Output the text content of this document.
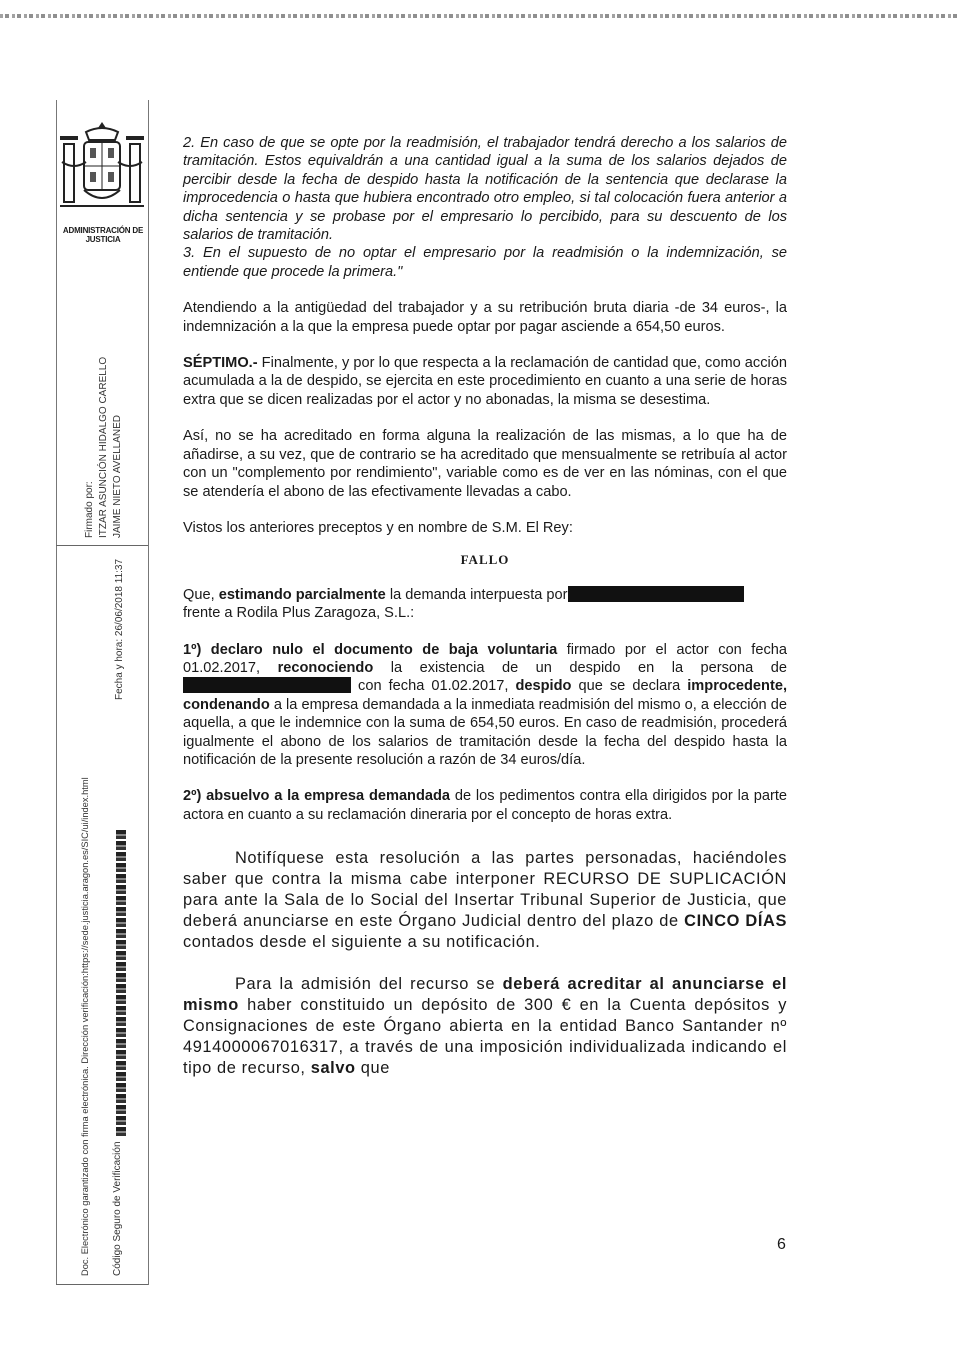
ADMINISTRACIÓN DE JUSTICIA
Firmado por: ITZAR ASUNCIÓN HIDALGO CARELLO JAIME NIETO AVELLANED
Fecha y hora: 26/06/2018 11:37
Doc. Electrónico garantizado con firma electrónica. Dirección verificación:https://sede.justicia.aragon.es/SIC/ui/index.html Código Seguro de Verificación

2. En caso de que se opte por la readmisión, el trabajador tendrá derecho a los salarios de tramitación. Estos equivaldrán a una cantidad igual a la suma de los salarios dejados de percibir desde la fecha de despido hasta la notificación de la sentencia que declarase la improcedencia o hasta que hubiera encontrado otro empleo, si tal colocación fuera anterior a dicha sentencia y se probase por el empresario lo percibido, para su descuento de los salarios de tramitación.

3. En el supuesto de no optar el empresario por la readmisión o la indemnización, se entiende que procede la primera."

Atendiendo a la antigüedad del trabajador y a su retribución bruta diaria -de 34 euros-, la indemnización a la que la empresa puede optar por pagar asciende a 654,50 euros.

SÉPTIMO.- Finalmente, y por lo que respecta a la reclamación de cantidad que, como acción acumulada a la de despido, se ejercita en este procedimiento en cuanto a una serie de horas extra que se dicen realizadas por el actor y no abonadas, la misma se desestima.

Así, no se ha acreditado en forma alguna la realización de las mismas, a lo que ha de añadirse, a su vez, que de contrario se ha acreditado que mensualmente se retribuía al actor con un "complemento por rendimiento", variable como es de ver en las nóminas, con el que se atendería el abono de las efectivamente llevadas a cabo.

Vistos los anteriores preceptos y en nombre de S.M. El Rey:

FALLO

Que, estimando parcialmente la demanda interpuesta por
frente a Rodila Plus Zaragoza, S.L.:

1º) declaro nulo el documento de baja voluntaria firmado por el actor con fecha 01.02.2017, reconociendo la existencia de un despido en la persona de  con fecha 01.02.2017, despido que se declara improcedente, condenando a la empresa demandada a la inmediata readmisión del mismo o, a elección de aquella, a que le indemnice con la suma de 654,50 euros. En caso de readmisión, procederá igualmente el abono de los salarios de tramitación desde la fecha del despido hasta la notificación de la presente resolución a razón de 34 euros/día.

2º) absuelvo a la empresa demandada de los pedimentos contra ella dirigidos por la parte actora en cuanto a su reclamación dineraria por el concepto de horas extra.

Notifíquese esta resolución a las partes personadas, haciéndoles saber que contra la misma cabe interponer RECURSO DE SUPLICACIÓN para ante la Sala de lo Social del Insertar Tribunal Superior de Justicia, que deberá anunciarse en este Órgano Judicial dentro del plazo de CINCO DÍAS contados desde el siguiente a su notificación.

Para la admisión del recurso se deberá acreditar al anunciarse el mismo haber constituido un depósito de 300 € en la Cuenta depósitos y Consignaciones de este Órgano abierta en la entidad Banco Santander nº 4914000067016317, a través de una imposición individualizada indicando el tipo de recurso, salvo que

6
